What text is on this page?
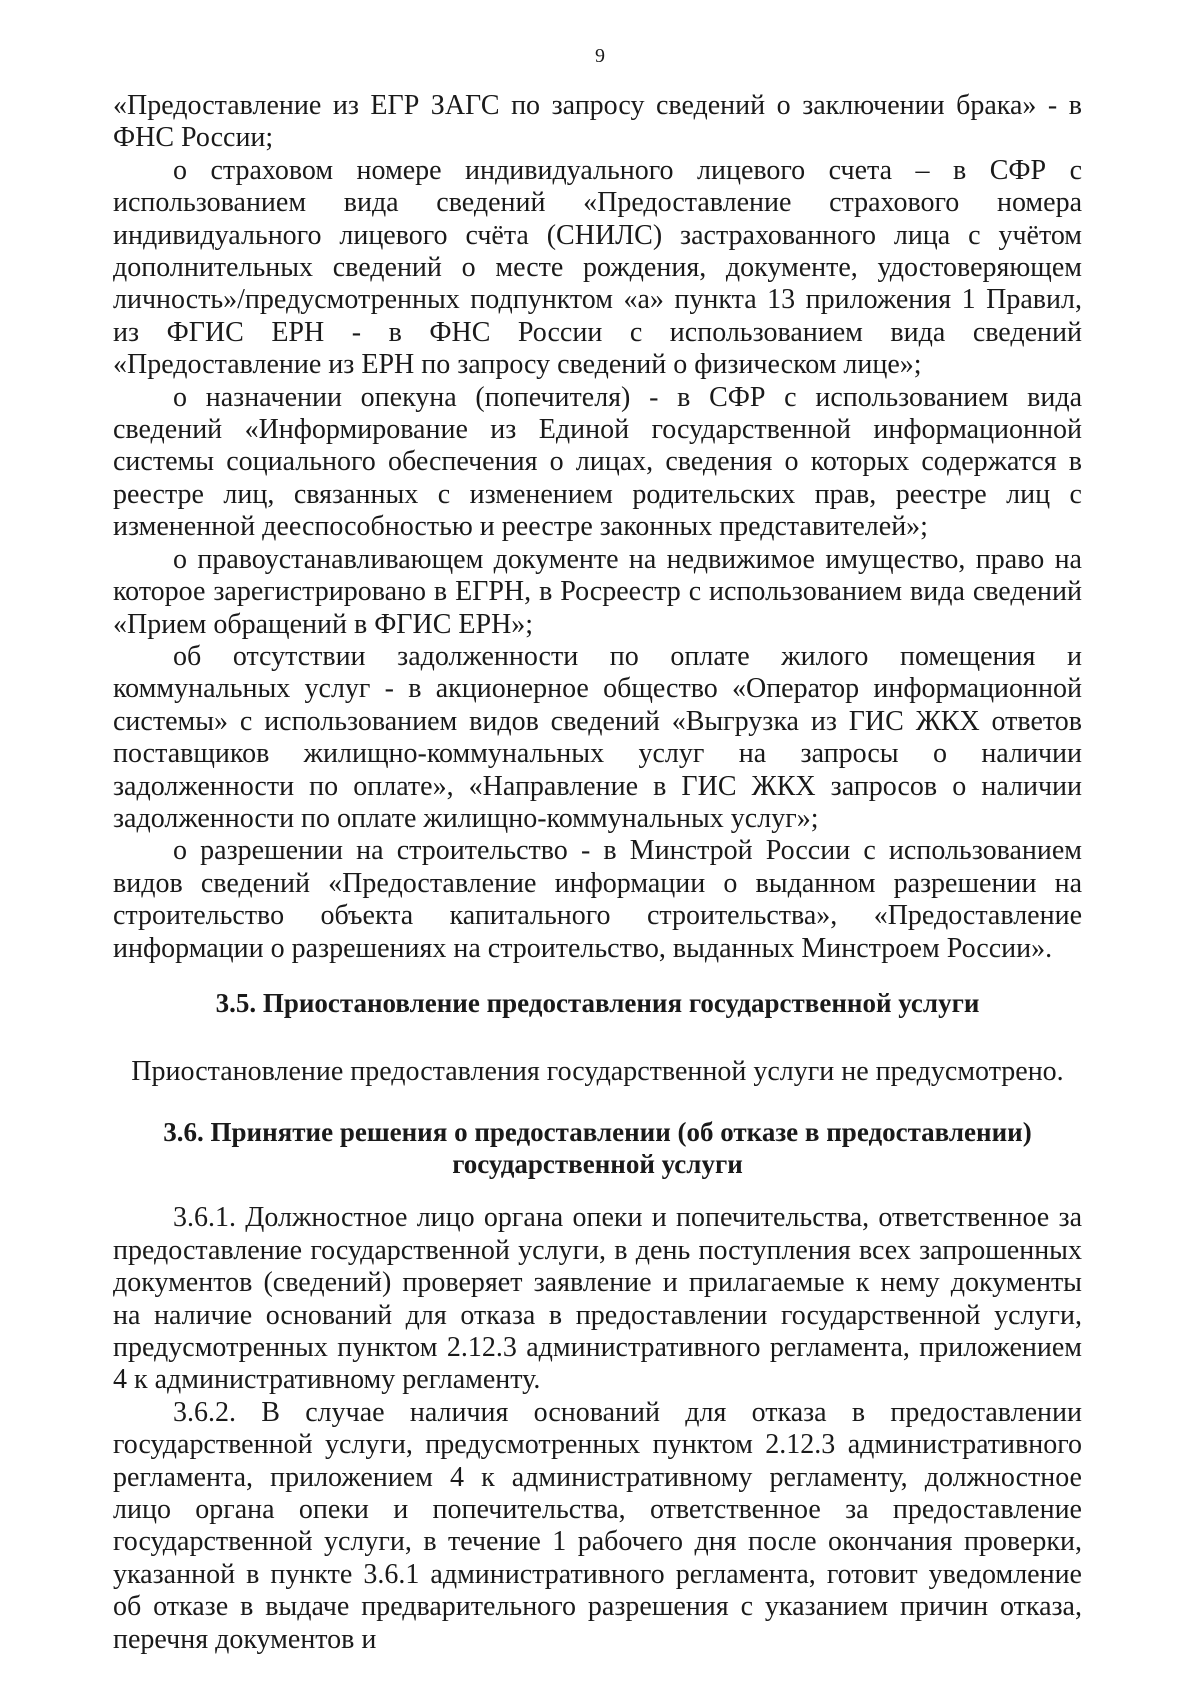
9

«Предоставление из ЕГР ЗАГС по запросу сведений о заключении брака» - в ФНС России;

о страховом номере индивидуального лицевого счета – в СФР с использованием вида сведений «Предоставление страхового номера индивидуального лицевого счёта (СНИЛС) застрахованного лица с учётом дополнительных сведений о месте рождения, документе, удостоверяющем личность»/предусмотренных подпунктом «а» пункта 13 приложения 1 Правил, из ФГИС ЕРН - в ФНС России с использованием вида сведений «Предоставление из ЕРН по запросу сведений о физическом лице»;

о назначении опекуна (попечителя) - в СФР с использованием вида сведений «Информирование из Единой государственной информационной системы социального обеспечения о лицах, сведения о которых содержатся в реестре лиц, связанных с изменением родительских прав, реестре лиц с измененной дееспособностью и реестре законных представителей»;

о правоустанавливающем документе на недвижимое имущество, право на которое зарегистрировано в ЕГРН, в Росреестр с использованием вида сведений «Прием обращений в ФГИС ЕРН»;

об отсутствии задолженности по оплате жилого помещения и коммунальных услуг - в акционерное общество «Оператор информационной системы» с использованием видов сведений «Выгрузка из ГИС ЖКХ ответов поставщиков жилищно-коммунальных услуг на запросы о наличии задолженности по оплате», «Направление в ГИС ЖКХ запросов о наличии задолженности по оплате жилищно-коммунальных услуг»;

о разрешении на строительство - в Минстрой России с использованием видов сведений «Предоставление информации о выданном разрешении на строительство объекта капитального строительства», «Предоставление информации о разрешениях на строительство, выданных Минстроем России».

3.5. Приостановление предоставления государственной услуги

Приостановление предоставления государственной услуги не предусмотрено.

3.6. Принятие решения о предоставлении (об отказе в предоставлении)
государственной услуги

3.6.1. Должностное лицо органа опеки и попечительства, ответственное за предоставление государственной услуги, в день поступления всех запрошенных документов (сведений) проверяет заявление и прилагаемые к нему документы на наличие оснований для отказа в предоставлении государственной услуги, предусмотренных пунктом 2.12.3 административного регламента, приложением 4 к административному регламенту.

3.6.2. В случае наличия оснований для отказа в предоставлении государственной услуги, предусмотренных пунктом 2.12.3 административного регламента, приложением 4 к административному регламенту, должностное лицо органа опеки и попечительства, ответственное за предоставление государственной услуги, в течение 1 рабочего дня после окончания проверки, указанной в пункте 3.6.1 административного регламента, готовит уведомление об отказе в выдаче предварительного разрешения с указанием причин отказа, перечня документов и
